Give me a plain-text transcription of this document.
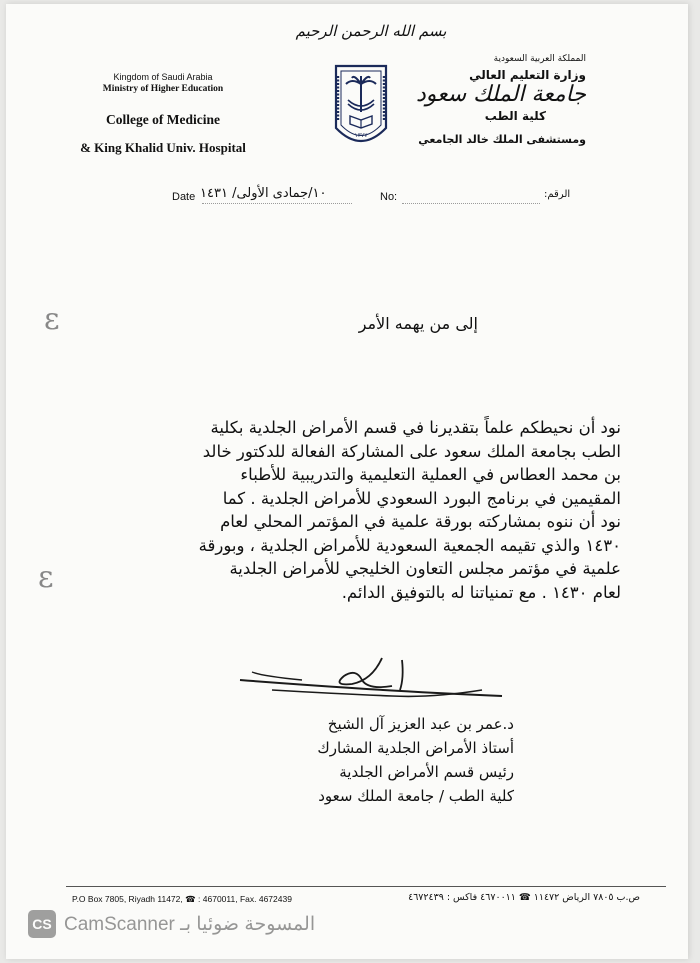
بسم الله الرحمن الرحيم
Kingdom of Saudi Arabia
Ministry of Higher Education
College of Medicine
& King Khalid Univ. Hospital
١٣٧٧
المملكة العربية السعودية
وزارة التعليم العالي
جامعة الملك سعود
كلية الطب
ومستشفى الملك خالد الجامعي
Date ١٠/جمادى الأولى/ ١٤٣١	No:	الرقم:
ɛ
ɛ
إلى من يهمه الأمر
نود أن نحيطكم علماً بتقديرنا في قسم الأمراض الجلدية بكلية
الطب بجامعة الملك سعود على المشاركة الفعالة للدكتور خالد
بن محمد العطاس في العملية التعليمية والتدريبية للأطباء
المقيمين في برنامج البورد السعودي للأمراض الجلدية . كما
نود أن ننوه بمشاركته بورقة علمية في المؤتمر المحلي لعام
١٤٣٠ والذي تقيمه الجمعية السعودية للأمراض الجلدية ، وبورقة
علمية في مؤتمر مجلس التعاون الخليجي للأمراض الجلدية
لعام ١٤٣٠ . مع تمنياتنا له بالتوفيق الدائم.
د.عمر بن عبد العزيز آل الشيخ
أستاذ الأمراض الجلدية المشارك
رئيس قسم الأمراض الجلدية
كلية الطب / جامعة الملك سعود
P.O Box 7805, Riyadh 11472, ☎ : 4670011, Fax. 4672439	ص.ب ٧٨٠٥ الرياض ١١٤٧٢ ☎ ٤٦٧٠٠١١ فاكس : ٤٦٧٢٤٣٩
CS CamScanner المسوحة ضوئيا بـ
